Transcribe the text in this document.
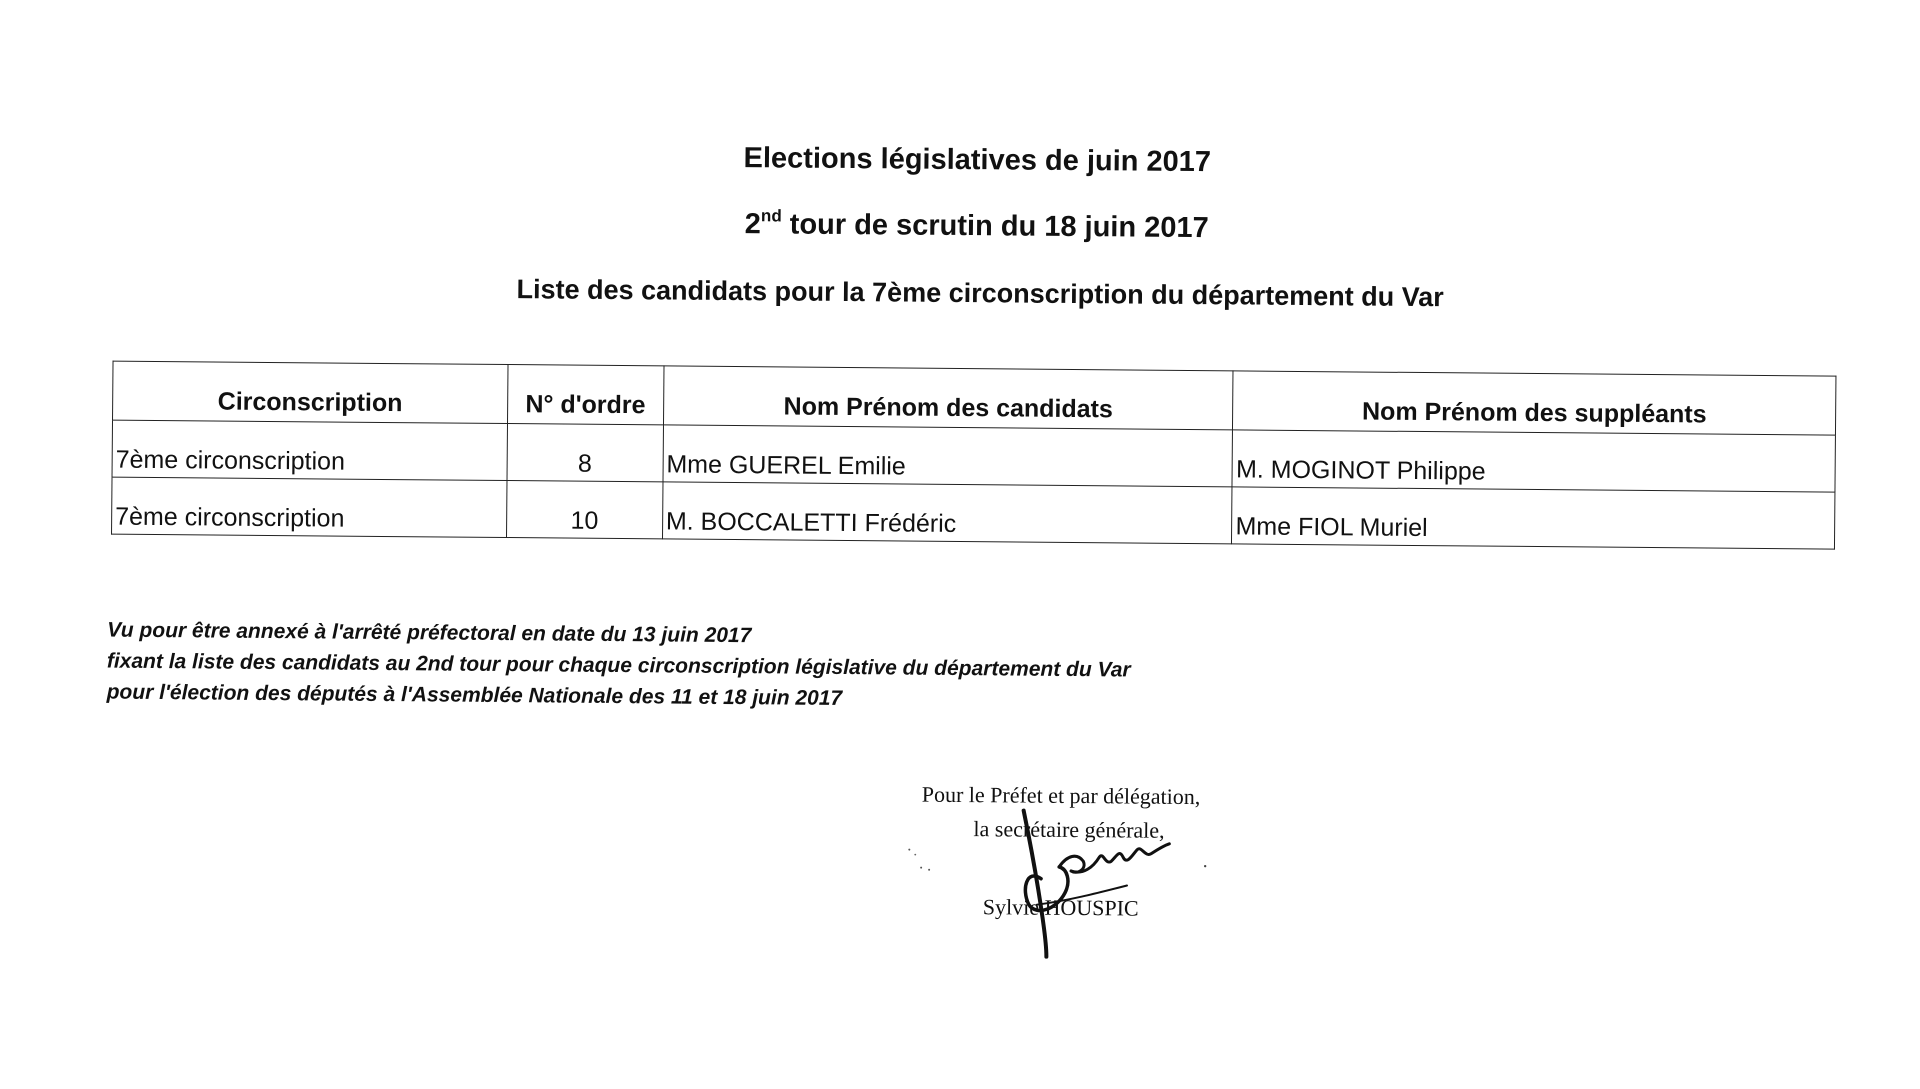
Elections législatives de juin 2017
2nd tour de scrutin du 18 juin 2017
Liste des candidats pour la 7ème circonscription du département du Var
Circonscription	N° d'ordre	Nom Prénom des candidats	Nom Prénom des suppléants
7ème circonscription	8	Mme GUEREL Emilie	M. MOGINOT Philippe
7ème circonscription	10	M. BOCCALETTI Frédéric	Mme FIOL Muriel
Vu pour être annexé à l'arrêté préfectoral en date du 13 juin 2017
fixant la liste des candidats au 2nd tour pour chaque circonscription législative du département du Var
pour l'élection des députés à l'Assemblée Nationale des 11 et 18 juin 2017
Pour le Préfet et par délégation,
la secrétaire générale,
Sylvie HOUSPIC
